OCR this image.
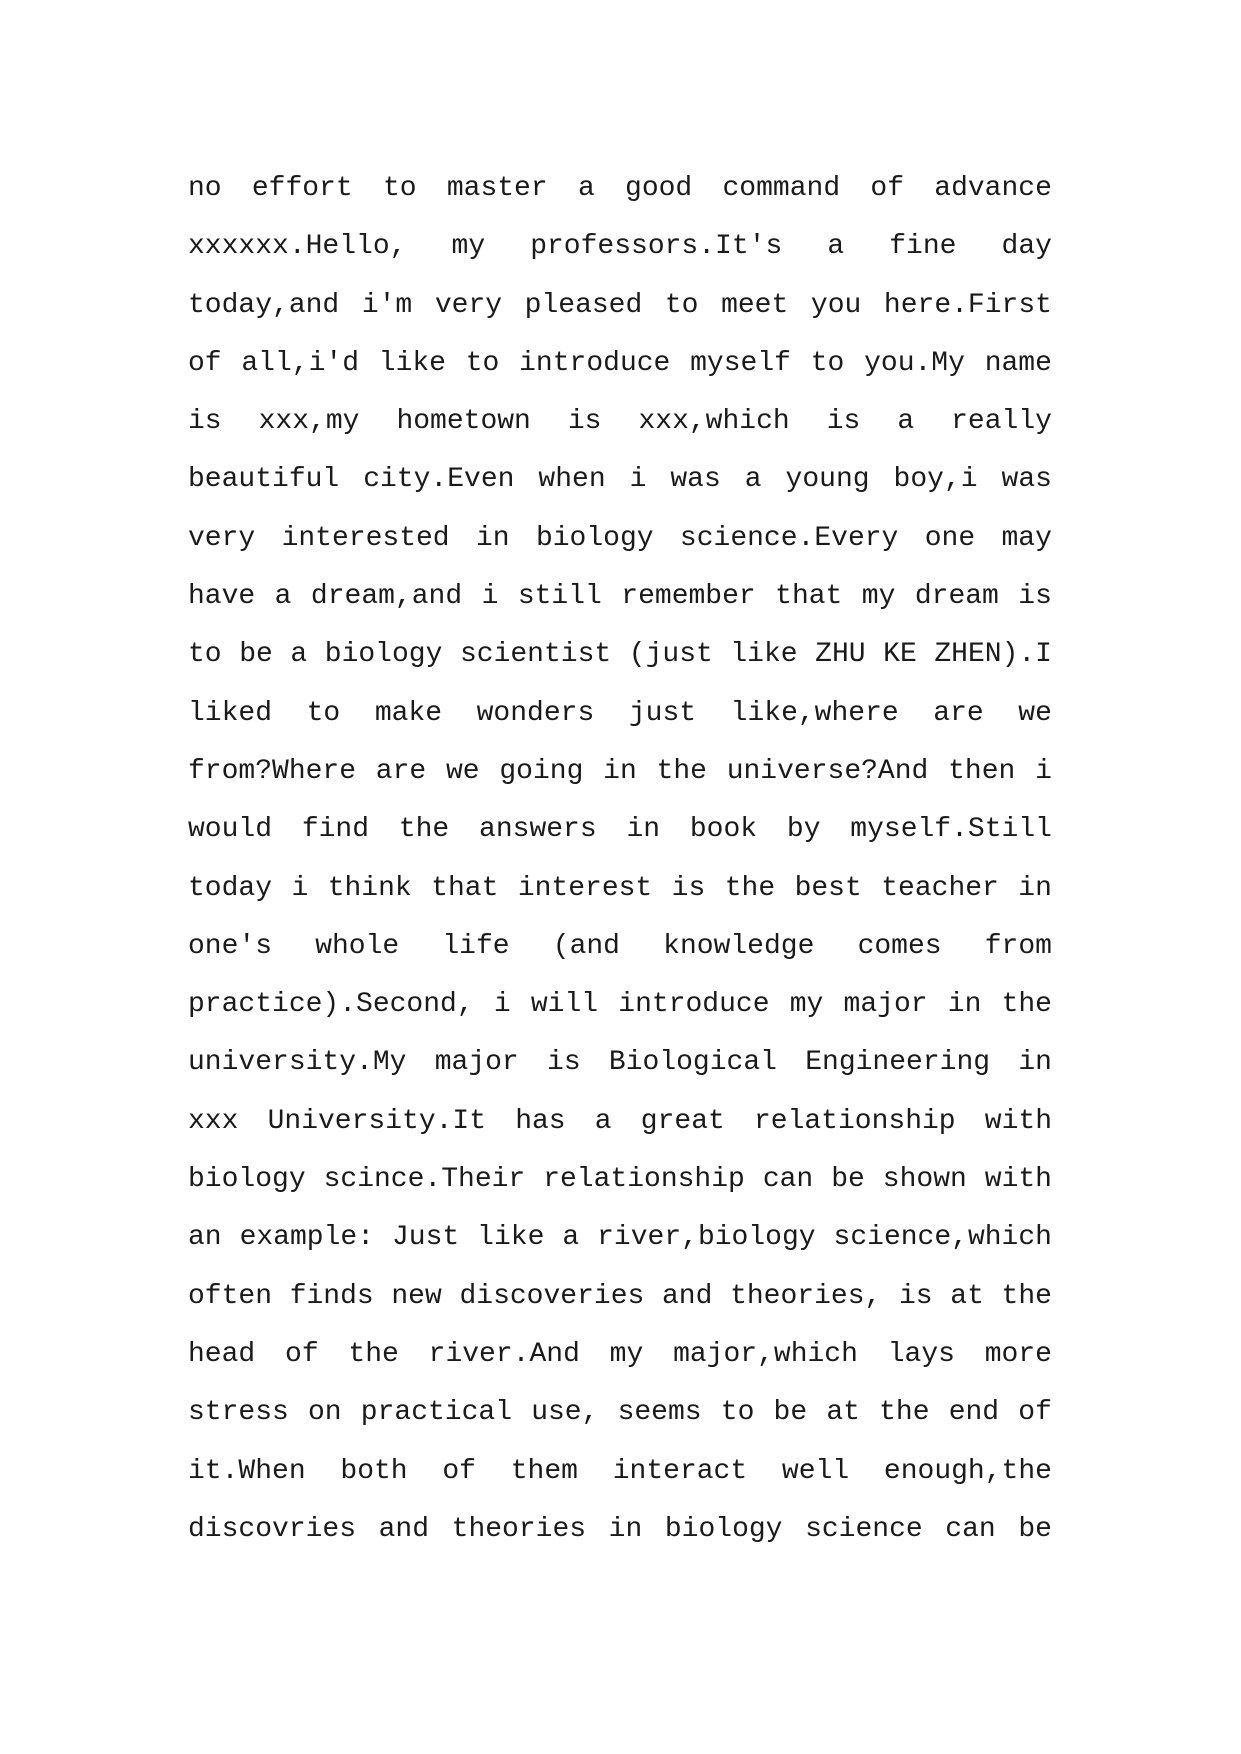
no effort to master a good command of advance
xxxxxx.Hello, my professors.It's a fine day
today,and i'm very pleased to meet you here.First
of all,i'd like to introduce myself to you.My name
is xxx,my hometown is xxx,which is a really
beautiful city.Even when i was a young boy,i was
very interested in biology science.Every one may
have a dream,and i still remember that my dream is
to be a biology scientist (just like ZHU KE ZHEN).I
liked to make wonders just like,where are we
from?Where are we going in the universe?And then i
would find the answers in book by myself.Still
today i think that interest is the best teacher in
one's whole life (and knowledge comes from
practice).Second, i will introduce my major in the
university.My major is Biological Engineering in
xxx University.It has a great relationship with
biology scince.Their relationship can be shown with
an example: Just like a river,biology science,which
often finds new discoveries and theories, is at the
head of the river.And my major,which lays more
stress on practical use, seems to be at the end of
it.When both of them interact well enough,the
discovries and theories in biology science can be
